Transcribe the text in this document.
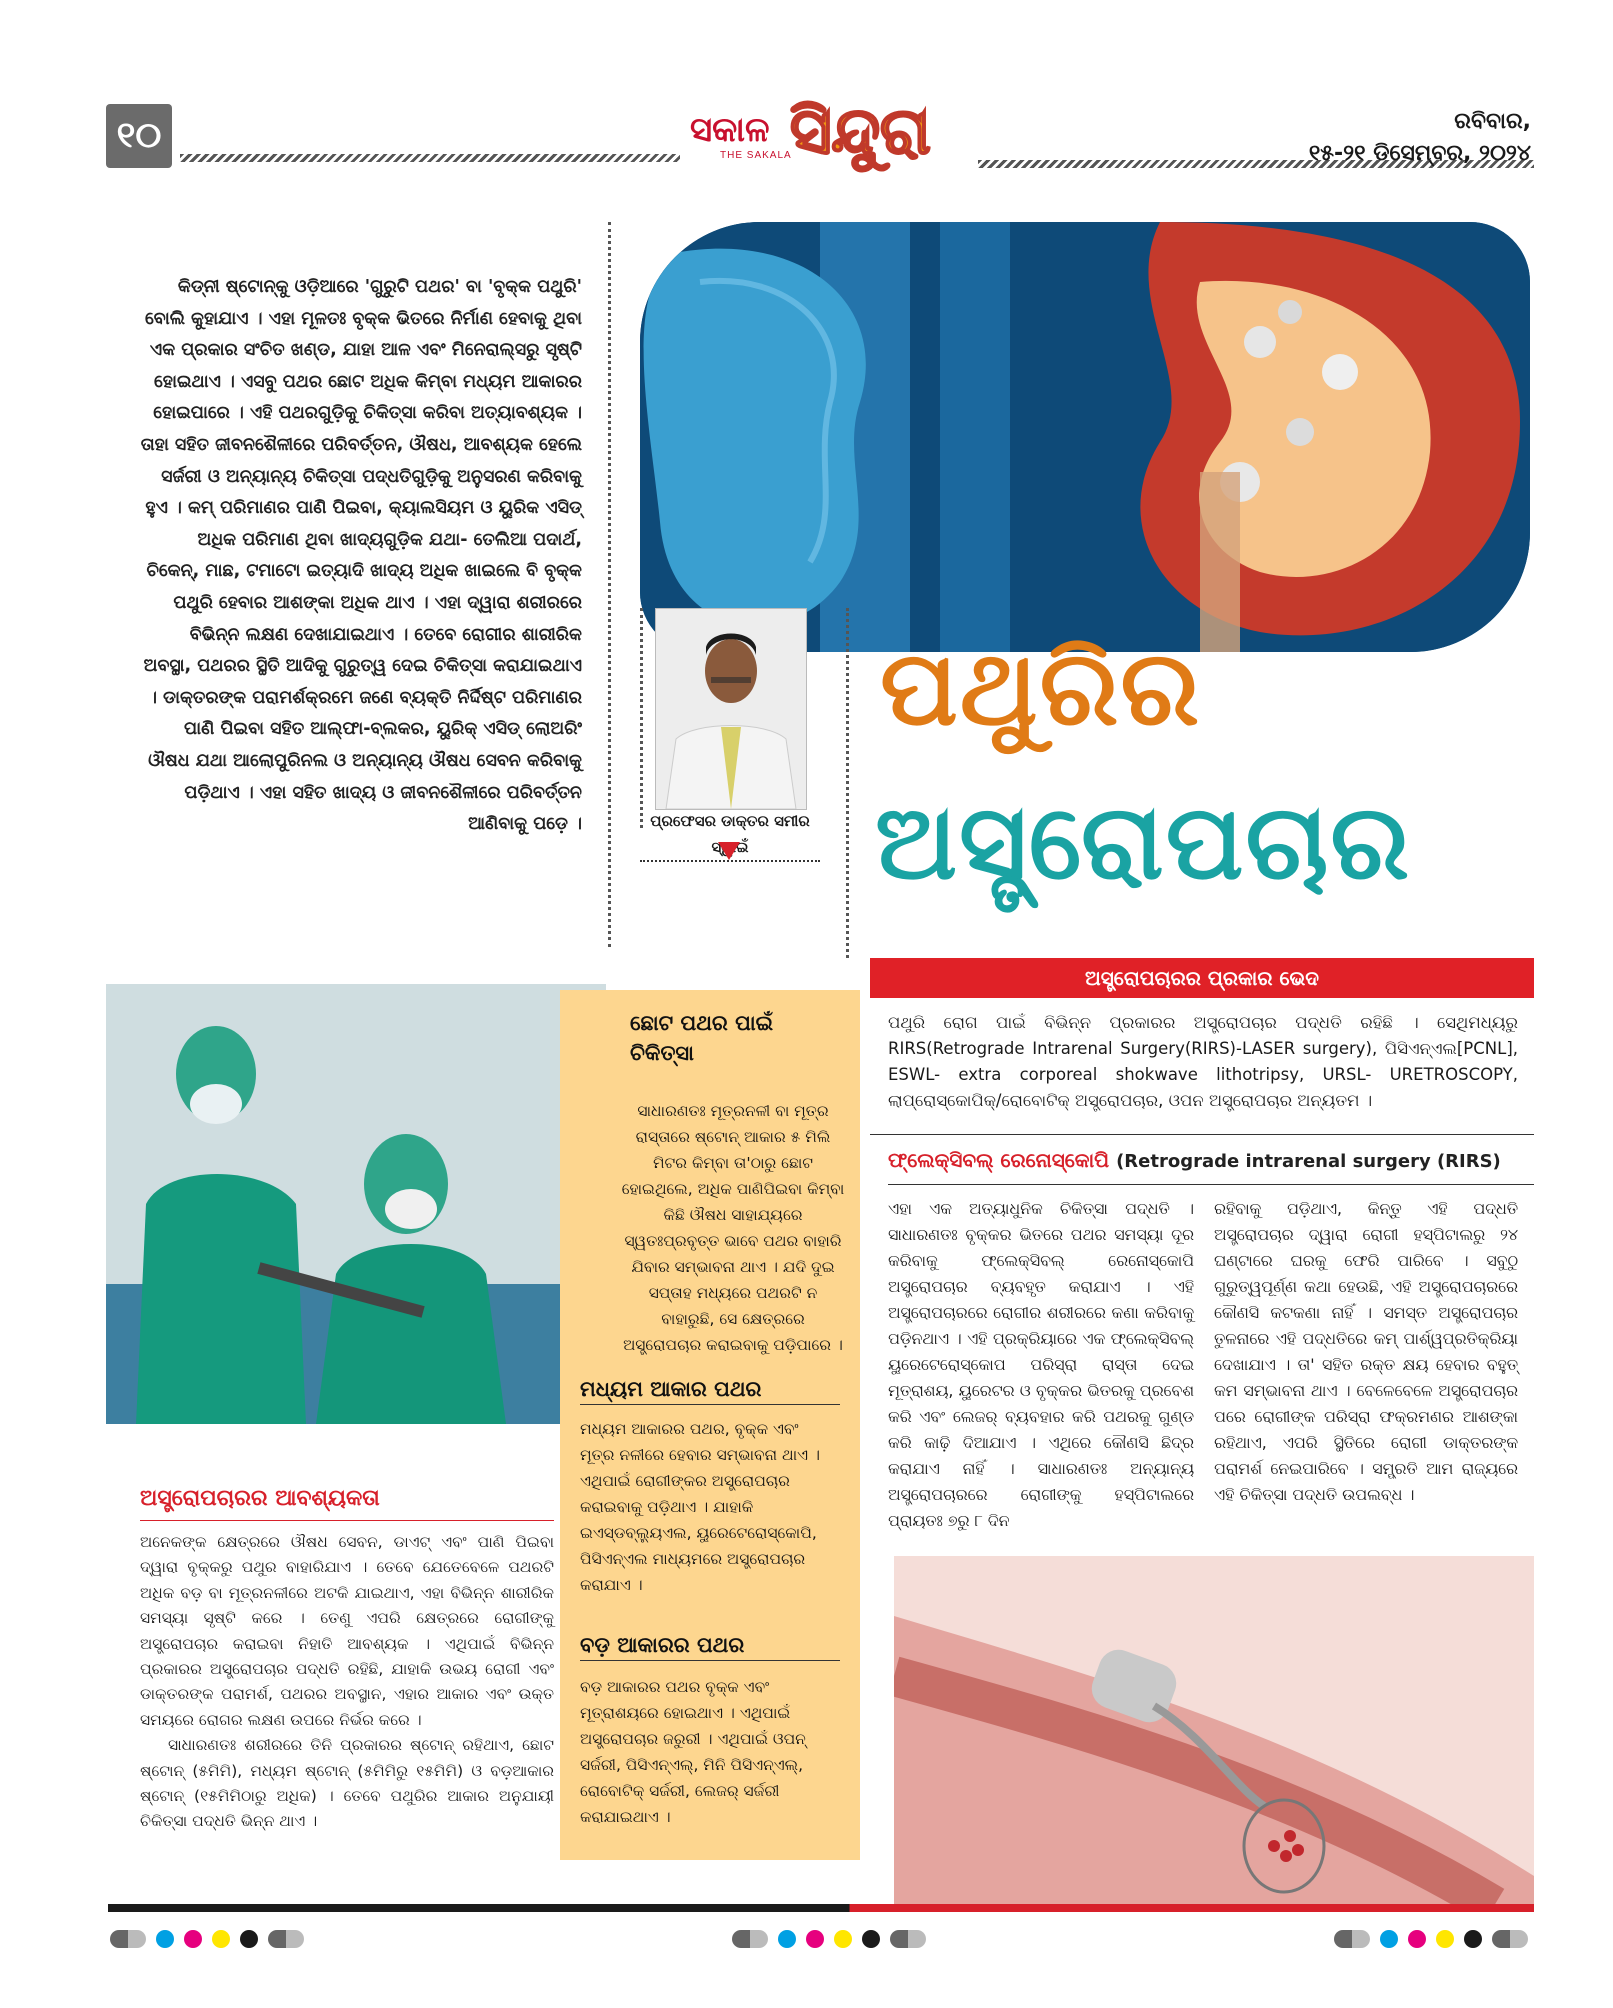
୧୦	ସକାଳ
THE SAKALA
ସିନ୍ଦୁରା	ରବିବାର,
୧୫-୨୧ ଡିସେମ୍ବର, ୨୦୨୪
କିଡ୍‌ନୀ ଷ୍ଟୋନ୍‌କୁ ଓଡ଼ିଆରେ 'ଗୁରୁଟି ପଥର' ବା 'ବୃକ୍କ ପଥୁରି' ବୋଲି କୁହାଯାଏ । ଏହା ମୂଳତଃ ବୃକ୍କ ଭିତରେ ନିର୍ମାଣ ହେବାକୁ ଥିବା ଏକ ପ୍ରକାର ସଂଚିତ ଖଣ୍ଡ, ଯାହା ଆଳ ଏବଂ ମିନେରାଲ୍ସରୁ ସୃଷ୍ଟି ହୋଇଥାଏ । ଏସବୁ ପଥର ଛୋଟ ଅଧିକ କିମ୍ବା ମଧ୍ୟମ ଆକାରର ହୋଇପାରେ । ଏହି ପଥରଗୁଡ଼ିକୁ ଚିକିତ୍ସା କରିବା ଅତ୍ୟାବଶ୍ୟକ । ତାହା ସହିତ ଜୀବନଶୈଳୀରେ ପରିବର୍ତ୍ତନ, ଔଷଧ, ଆବଶ୍ୟକ ହେଲେ ସର୍ଜରୀ ଓ ଅନ୍ୟାନ୍ୟ ଚିକିତ୍ସା ପଦ୍ଧତିଗୁଡ଼ିକୁ ଅନୁସରଣ କରିବାକୁ ହୁଏ । କମ୍ ପରିମାଣର ପାଣି ପିଇବା, କ୍ୟାଲସିୟମ ଓ ୟୁରିକ ଏସିଡ୍ ଅଧିକ ପରିମାଣ ଥିବା ଖାଦ୍ୟଗୁଡ଼ିକ ଯଥା- ତେଲିଆ ପଦାର୍ଥ, ଚିକେନ୍, ମାଛ, ଟମାଟୋ ଇତ୍ୟାଦି ଖାଦ୍ୟ ଅଧିକ ଖାଇଲେ ବି ବୃକ୍କ ପଥୁରି ହେବାର ଆଶଙ୍କା ଅଧିକ ଥାଏ । ଏହା ଦ୍ୱାରା ଶରୀରରେ ବିଭିନ୍ନ ଲକ୍ଷଣ ଦେଖାଯାଇଥାଏ । ତେବେ ରୋଗୀର ଶାରୀରିକ ଅବସ୍ଥା, ପଥରର ସ୍ଥିତି ଆଦିକୁ ଗୁରୁତ୍ୱ ଦେଇ ଚିକିତ୍ସା କରାଯାଇଥାଏ । ଡାକ୍ତରଙ୍କ ପରାମର୍ଶକ୍ରମେ ଜଣେ ବ୍ୟକ୍ତି ନିର୍ଦ୍ଦିଷ୍ଟ ପରିମାଣର ପାଣି ପିଇବା ସହିତ ଆଲ୍‌ଫା-ବ୍ଲକର, ୟୁରିକ୍ ଏସିଡ୍ ଲୋଅରିଂ ଔଷଧ ଯଥା ଆଲୋପୁରିନଲ ଓ ଅନ୍ୟାନ୍ୟ ଔଷଧ ସେବନ କରିବାକୁ ପଡ଼ିଥାଏ । ଏହା ସହିତ ଖାଦ୍ୟ ଓ ଜୀବନଶୈଳୀରେ ପରିବର୍ତ୍ତନ ଆଣିବାକୁ ପଡ଼େ ।	ପ୍ରଫେସର ଡାକ୍ତର ସମୀର ସ୍ୱାଇଁ
ପଥୁରିର
ଅସ୍ତ୍ରୋପଚାର
ଅସ୍ତ୍ରୋପଚାରର ପ୍ରକାର ଭେଦ
ପଥୁରି ରୋଗ ପାଇଁ ବିଭିନ୍ନ ପ୍ରକାରର ଅସ୍ତ୍ରୋପଚାର ପଦ୍ଧତି ରହିଛି । ସେଥିମଧ୍ୟରୁ RIRS(Retrograde Intrarenal Surgery(RIRS)-LASER surgery), ପିସିଏନ୍‌ଏଲ[PCNL], ESWL- extra corporeal shokwave lithotripsy, URSL- URETROSCOPY, ଲାପ୍ରୋସ୍କୋପିକ୍/ରୋବୋଟିକ୍ ଅସ୍ତ୍ରୋପଚାର, ଓପନ ଅସ୍ତ୍ରୋପଚାର ଅନ୍ୟତମ ।
ଫ୍ଲେକ୍ସିବଲ୍ ରେନୋସ୍କୋପି (Retrograde intrarenal surgery (RIRS)
ଏହା ଏକ ଅତ୍ୟାଧୁନିକ ଚିକିତ୍ସା ପଦ୍ଧତି । ସାଧାରଣତଃ ବୃକ୍କର ଭିତରେ ପଥର ସମସ୍ୟା ଦୂର କରିବାକୁ ଫ୍ଲେକ୍ସିବଲ୍ ରେନୋସ୍କୋପି ଅସ୍ତ୍ରୋପଚାର ବ୍ୟବହୃତ କରାଯାଏ । ଏହି ଅସ୍ତ୍ରୋପଚାରରେ ରୋଗୀର ଶରୀରରେ କଣା କରିବାକୁ ପଡ଼ିନଥାଏ । ଏହି ପ୍ରକ୍ରିୟାରେ ଏକ ଫ୍ଲେକ୍ସିବଲ୍ ୟୁରେଟେରୋସ୍କୋପ ପରିସ୍ରା ରାସ୍ତା ଦେଇ ମୂତ୍ରାଶୟ, ୟୁରେଟର ଓ ବୃକ୍କର ଭିତରକୁ ପ୍ରବେଶ କରି ଏବଂ ଲେଜର୍ ବ୍ୟବହାର କରି ପଥରକୁ ଗୁଣ୍ଡ କରି କାଢ଼ି ଦିଆଯାଏ । ଏଥିରେ କୌଣସି ଛିଦ୍ର କରାଯାଏ ନାହିଁ । ସାଧାରଣତଃ ଅନ୍ୟାନ୍ୟ ଅସ୍ତ୍ରୋପଚାରରେ ରୋଗୀଙ୍କୁ ହସ୍ପିଟାଲରେ ପ୍ରାୟତଃ ୭ରୁ ୮ ଦିନ
ରହିବାକୁ ପଡ଼ିଥାଏ, କିନ୍ତୁ ଏହି ପଦ୍ଧତି ଅସ୍ତ୍ରୋପଚାର ଦ୍ୱାରା ରୋଗୀ ହସ୍ପିଟାଲରୁ ୨୪ ଘଣ୍ଟାରେ ଘରକୁ ଫେରି ପାରିବେ । ସବୁଠୁ ଗୁରୁତ୍ୱପୂର୍ଣ୍ଣ କଥା ହେଉଛି, ଏହି ଅସ୍ତ୍ରୋପଚାରରେ କୌଣସି କଟକଣା ନାହିଁ । ସମସ୍ତ ଅସ୍ତ୍ରୋପଚାର ତୁଳନାରେ ଏହି ପଦ୍ଧତିରେ କମ୍ ପାର୍ଶ୍ୱପ୍ରତିକ୍ରିୟା ଦେଖାଯାଏ । ତା' ସହିତ ରକ୍ତ କ୍ଷୟ ହେବାର ବହୁତ୍ କମ ସମ୍ଭାବନା ଥାଏ । ବେଳେବେଳେ ଅସ୍ତ୍ରୋପଚାର ପରେ ରୋଗୀଙ୍କ ପରିସ୍ରା ଫକ୍ରମଣର ଆଶଙ୍କା ରହିଥାଏ, ଏପରି ସ୍ଥିତିରେ ରୋଗୀ ଡାକ୍ତରଙ୍କ ପରାମର୍ଶ ନେଇପାରିବେ । ସମ୍ପ୍ରତି ଆମ ରାଜ୍ୟରେ ଏହି ଚିକିତ୍ସା ପଦ୍ଧତି ଉପଲବ୍ଧ ।
ଛୋଟ ପଥର ପାଇଁ ଚିକିତ୍ସା
ସାଧାରଣତଃ ମୂତ୍ରନଳୀ ବା ମୂତ୍ର ରାସ୍ତାରେ ଷ୍ଟୋନ୍ ଆକାର ୫ ମିଲି ମିଟର କିମ୍ବା ତା'ଠାରୁ ଛୋଟ ହୋଇଥିଲେ, ଅଧିକ ପାଣିପିଇବା କିମ୍ବା କିଛି ଔଷଧ ସାହାଯ୍ୟରେ ସ୍ୱତଃପ୍ରବୃତ୍ତ ଭାବେ ପଥର ବାହାରି ଯିବାର ସମ୍ଭାବନା ଥାଏ । ଯଦି ଦୁଇ ସପ୍ତାହ ମଧ୍ୟରେ ପଥରଟି ନ ବାହାରୁଛି, ସେ କ୍ଷେତ୍ରରେ ଅସ୍ତ୍ରୋପଚାର କରାଇବାକୁ ପଡ଼ିପାରେ ।
ମଧ୍ୟମ ଆକାର ପଥର
ମଧ୍ୟମ ଆକାରର ପଥର, ବୃକ୍କ ଏବଂ ମୂତ୍ର ନଳୀରେ ହେବାର ସମ୍ଭାବନା ଥାଏ । ଏଥିପାଇଁ ରୋଗୀଙ୍କର ଅସ୍ତ୍ରୋପଚାର କରାଇବାକୁ ପଡ଼ିଥାଏ । ଯାହାକି ଇଏସ୍‌ଡବ୍ଲ୍ୟୁଏଲ, ୟୁରେଟେରୋସ୍କୋପି, ପିସିଏନ୍‌ଏଲ ମାଧ୍ୟମରେ ଅସ୍ତ୍ରୋପଚାର କରାଯାଏ ।
ବଡ଼ ଆକାରର ପଥର
ବଡ଼ ଆକାରର ପଥର ବୃକ୍କ ଏବଂ ମୂତ୍ରାଶୟରେ ହୋଇଥାଏ । ଏଥିପାଇଁ ଅସ୍ତ୍ରୋପଚାର ଜରୁରୀ । ଏଥିପାଇଁ ଓପନ୍ ସର୍ଜରୀ, ପିସିଏନ୍‌ଏଲ୍, ମିନି ପିସିଏନ୍‌ଏଲ୍, ରୋବୋଟିକ୍ ସର୍ଜରୀ, ଲେଜର୍ ସର୍ଜରୀ କରାଯାଇଥାଏ ।
ଅସ୍ତ୍ରୋପଚାରର ଆବଶ୍ୟକତା
ଅନେକଙ୍କ କ୍ଷେତ୍ରରେ ଔଷଧ ସେବନ, ଡାଏଟ୍ ଏବଂ ପାଣି ପିଇବା ଦ୍ୱାରା ବୃକ୍କରୁ ପଥୁର ବାହାରିଯାଏ । ତେବେ ଯେତେବେଳେ ପଥରଟି ଅଧିକ ବଡ଼ ବା ମୂତ୍ରନଳୀରେ ଅଟକି ଯାଇଥାଏ, ଏହା ବିଭିନ୍ନ ଶାରୀରିକ ସମସ୍ୟା ସୃଷ୍ଟି କରେ । ତେଣୁ ଏପରି କ୍ଷେତ୍ରରେ ରୋଗୀଙ୍କୁ ଅସ୍ତ୍ରୋପଚାର କରାଇବା ନିହାତି ଆବଶ୍ୟକ । ଏଥିପାଇଁ ବିଭିନ୍ନ ପ୍ରକାରର ଅସ୍ତ୍ରୋପଚାର ପଦ୍ଧତି ରହିଛି, ଯାହାକି ଉଭୟ ରୋଗୀ ଏବଂ ଡାକ୍ତରଙ୍କ ପରାମର୍ଶ, ପଥରର ଅବସ୍ଥାନ, ଏହାର ଆକାର ଏବଂ ଉକ୍ତ ସମୟରେ ରୋଗର ଲକ୍ଷଣ ଉପରେ ନିର୍ଭର କରେ ।
ସାଧାରଣତଃ ଶରୀରରେ ତିନି ପ୍ରକାରର ଷ୍ଟୋନ୍ ରହିଥାଏ, ଛୋଟ ଷ୍ଟୋନ୍ (୫ମିମି), ମଧ୍ୟମ ଷ୍ଟୋନ୍ (୫ମିମିରୁ ୧୫ମିମି) ଓ ବଡ଼ଆକାର ଷ୍ଟୋନ୍ (୧୫ମିମିଠାରୁ ଅଧିକ) । ତେବେ ପଥୁରିର ଆକାର ଅନୁଯାୟୀ ଚିକିତ୍ସା ପଦ୍ଧତି ଭିନ୍ନ ଥାଏ ।
